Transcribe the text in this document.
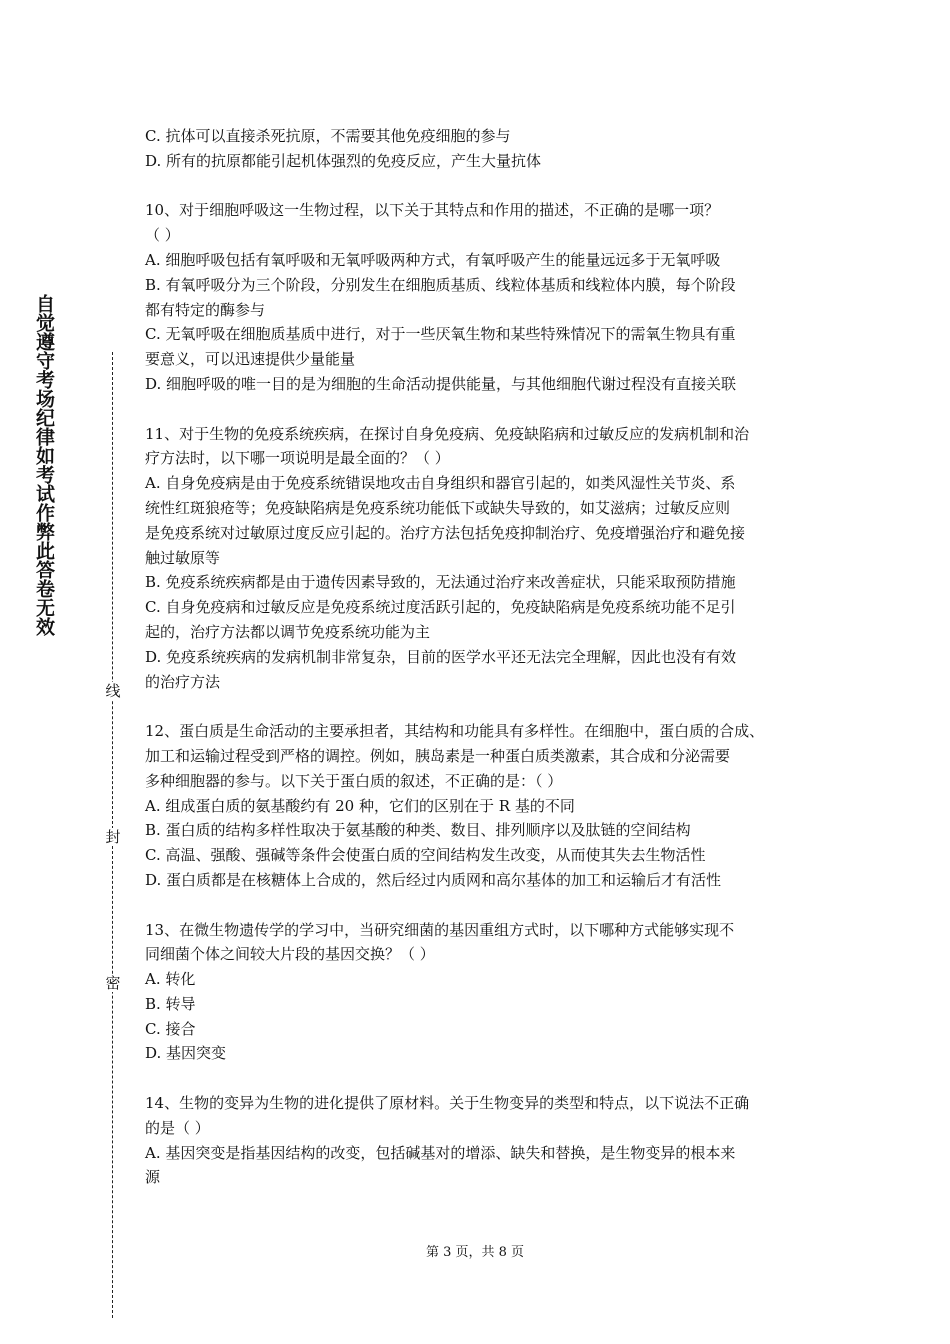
自觉遵守考场纪律如考试作弊此答卷无效
线
封
密
C. 抗体可以直接杀死抗原，不需要其他免疫细胞的参与
D. 所有的抗原都能引起机体强烈的免疫反应，产生大量抗体
10、对于细胞呼吸这一生物过程，以下关于其特点和作用的描述，不正确的是哪一项？
（ ）
A. 细胞呼吸包括有氧呼吸和无氧呼吸两种方式，有氧呼吸产生的能量远远多于无氧呼吸
B. 有氧呼吸分为三个阶段，分别发生在细胞质基质、线粒体基质和线粒体内膜，每个阶段
都有特定的酶参与
C. 无氧呼吸在细胞质基质中进行，对于一些厌氧生物和某些特殊情况下的需氧生物具有重
要意义，可以迅速提供少量能量
D. 细胞呼吸的唯一目的是为细胞的生命活动提供能量，与其他细胞代谢过程没有直接关联
11、对于生物的免疫系统疾病，在探讨自身免疫病、免疫缺陷病和过敏反应的发病机制和治
疗方法时，以下哪一项说明是最全面的？（ ）
A. 自身免疫病是由于免疫系统错误地攻击自身组织和器官引起的，如类风湿性关节炎、系
统性红斑狼疮等；免疫缺陷病是免疫系统功能低下或缺失导致的，如艾滋病；过敏反应则
是免疫系统对过敏原过度反应引起的。治疗方法包括免疫抑制治疗、免疫增强治疗和避免接
触过敏原等
B. 免疫系统疾病都是由于遗传因素导致的，无法通过治疗来改善症状，只能采取预防措施
C. 自身免疫病和过敏反应是免疫系统过度活跃引起的，免疫缺陷病是免疫系统功能不足引
起的，治疗方法都以调节免疫系统功能为主
D. 免疫系统疾病的发病机制非常复杂，目前的医学水平还无法完全理解，因此也没有有效
的治疗方法
12、蛋白质是生命活动的主要承担者，其结构和功能具有多样性。在细胞中，蛋白质的合成、
加工和运输过程受到严格的调控。例如，胰岛素是一种蛋白质类激素，其合成和分泌需要
多种细胞器的参与。以下关于蛋白质的叙述，不正确的是：（ ）
A. 组成蛋白质的氨基酸约有 20 种，它们的区别在于 R 基的不同
B. 蛋白质的结构多样性取决于氨基酸的种类、数目、排列顺序以及肽链的空间结构
C. 高温、强酸、强碱等条件会使蛋白质的空间结构发生改变，从而使其失去生物活性
D. 蛋白质都是在核糖体上合成的，然后经过内质网和高尔基体的加工和运输后才有活性
13、在微生物遗传学的学习中，当研究细菌的基因重组方式时，以下哪种方式能够实现不
同细菌个体之间较大片段的基因交换？（ ）
A. 转化
B. 转导
C. 接合
D. 基因突变
14、生物的变异为生物的进化提供了原材料。关于生物变异的类型和特点，以下说法不正确
的是（ ）
A. 基因突变是指基因结构的改变，包括碱基对的增添、缺失和替换，是生物变异的根本来
源
第 3 页，共 8 页
